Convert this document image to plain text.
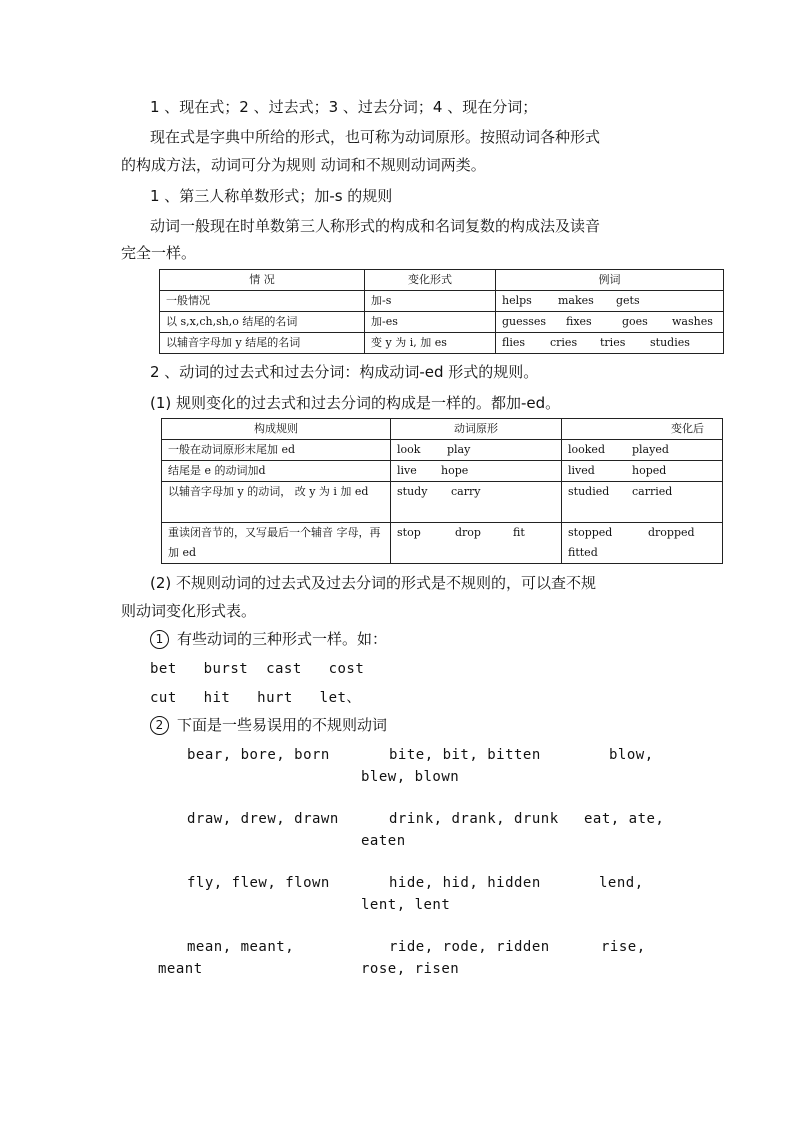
1 、现在式；2 、过去式；3 、过去分词；4 、现在分词；
现在式是字典中所给的形式，也可称为动词原形。按照动词各种形式
的构成方法，动词可分为规则 动词和不规则动词两类。
1 、第三人称单数形式；加-s 的规则
动词一般现在时单数第三人称形式的构成和名词复数的构成法及读音
完全一样。
情 况	变化形式	例词
一般情况	加-s	helps makes gets
以 s,x,ch,sh,o 结尾的名词	加-es	guesses fixes goes washes
以辅音字母加 y 结尾的名词	变 y 为 i, 加 es	flies cries tries studies
2 、动词的过去式和过去分词：构成动词-ed 形式的规则。
(1) 规则变化的过去式和过去分词的构成是一样的。都加-ed。
构成规则	动词原形	变化后
一般在动词原形末尾加 ed	look play	looked played
结尾是 e 的动词加d	live hope	lived hoped
以辅音字母加 y 的动词， 改 y 为 i 加 ed	study carry	studied carried
重读闭音节的，又写最后一个辅音 字母，再加 ed	stop drop fit	stopped dropped
fitted
(2) 不规则动词的过去式及过去分词的形式是不规则的，可以查不规
则动词变化形式表。
1 有些动词的三种形式一样。如：
bet   burst  cast   cost
cut   hit   hurt   let、
2 下面是一些易误用的不规则动词
bear, bore, born	bite, bit, bitten	blow,
blew, blown
draw, drew, drawn	drink, drank, drunk eat, ate,
eaten
fly, flew, flown	hide, hid, hidden	lend,
lent, lent
mean, meant,	ride, rode, ridden	rise,
meant	rose, risen
